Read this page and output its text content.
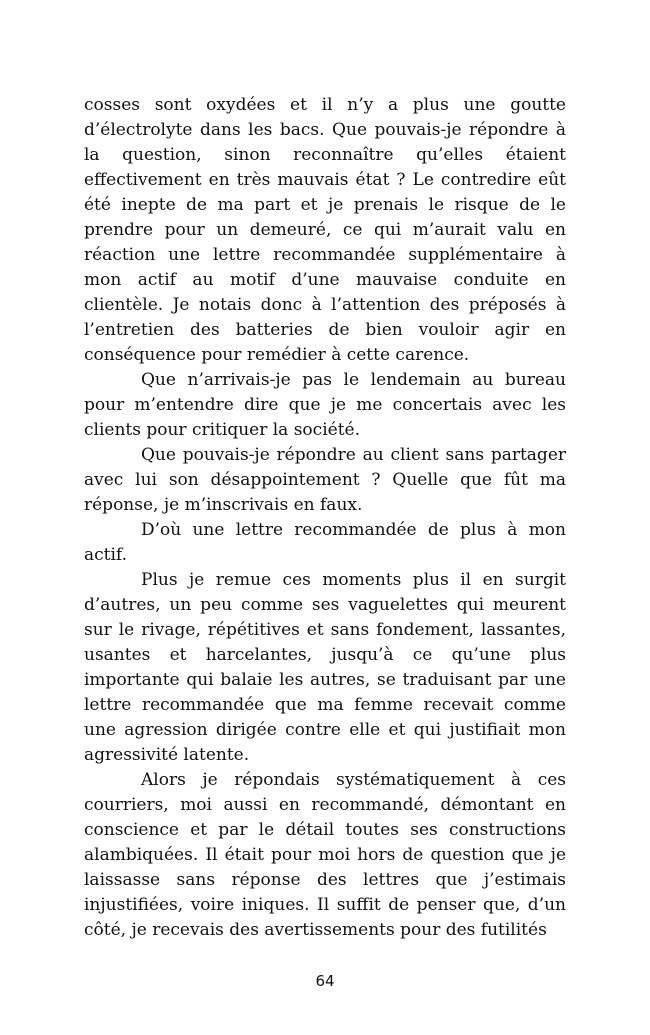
cosses sont oxydées et il n’y a plus une goutte d’électrolyte dans les bacs. Que pouvais-je répondre à la question, sinon reconnaître qu’elles étaient effectivement en très mauvais état ? Le contredire eût été inepte de ma part et je prenais le risque de le prendre pour un demeuré, ce qui m’aurait valu en réaction une lettre recommandée supplémentaire à mon actif au motif d’une mauvaise conduite en clientèle. Je notais donc à l’attention des préposés à l’entretien des batteries de bien vouloir agir en conséquence pour remédier à cette carence.

Que n’arrivais-je pas le lendemain au bureau pour m’entendre dire que je me concertais avec les clients pour critiquer la société.

Que pouvais-je répondre au client sans partager avec lui son désappointement ? Quelle que fût ma réponse, je m’inscrivais en faux.

D’où une lettre recommandée de plus à mon actif.

Plus je remue ces moments plus il en surgit d’autres, un peu comme ses vaguelettes qui meurent sur le rivage, répétitives et sans fondement, lassantes, usantes et harcelantes, jusqu’à ce qu’une plus importante qui balaie les autres, se traduisant par une lettre recommandée que ma femme recevait comme une agression dirigée contre elle et qui justifiait mon agressivité latente.

Alors je répondais systématiquement à ces courriers, moi aussi en recommandé, démontant en conscience et par le détail toutes ses constructions alambiquées. Il était pour moi hors de question que je laissasse sans réponse des lettres que j’estimais injustifiées, voire iniques. Il suffit de penser que, d’un côté, je recevais des avertissements pour des futilités

64
